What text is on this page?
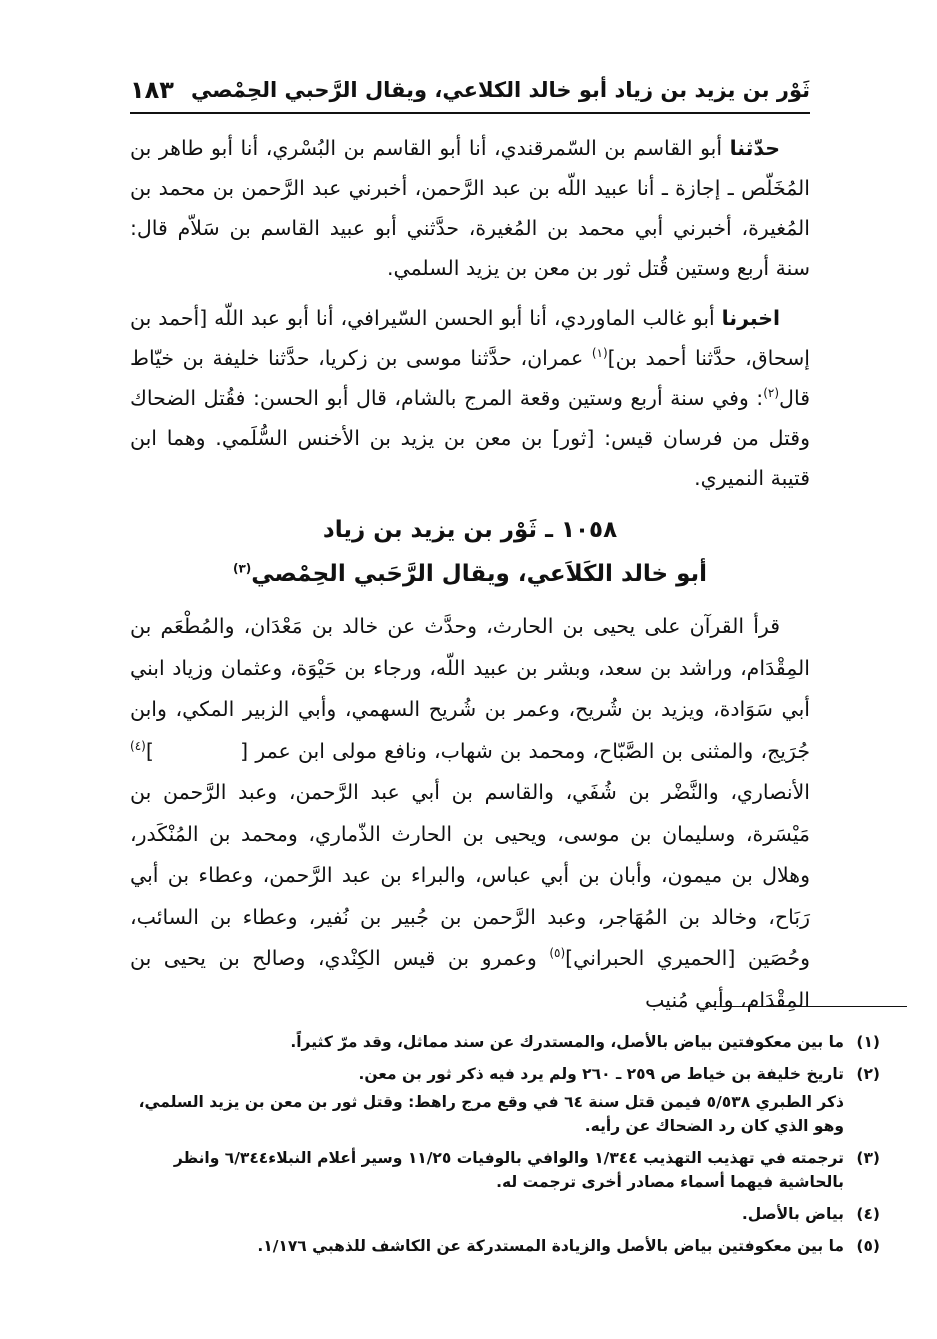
ثَوْر بن يزيد بن زياد أبو خالد الكلاعي، ويقال الرَّحبي الحِمْصي
١٨٣

حدّثنا أبو القاسم بن السّمرقندي، أنا أبو القاسم بن البُسْري، أنا أبو طاهر بن المُخَلّص ـ إجازة ـ أنا عبيد اللّه بن عبد الرَّحمن، أخبرني عبد الرَّحمن بن محمد بن المُغيرة، أخبرني أبي محمد بن المُغيرة، حدَّثني أبو عبيد القاسم بن سَلاّم قال: سنة أربع وستين قُتل ثور بن معن بن يزيد السلمي.

اخبرنا أبو غالب الماوردي، أنا أبو الحسن السّيرافي، أنا أبو عبد اللّه [أحمد بن إسحاق، حدَّثنا أحمد بن]$^{(١)}$ عمران، حدَّثنا موسى بن زكريا، حدَّثنا خليفة بن خيّاط قال$^{(٢)}$: وفي سنة أربع وستين وقعة المرج بالشام، قال أبو الحسن: فقُتل الضحاك وقتل من فرسان قيس: [ثور] بن معن بن يزيد بن الأخنس السُّلَمي. وهما ابن قتيبة النميري.

١٠٥٨ ـ ثَوْر بن يزيد بن زياد
أبو خالد الكَلاَعي، ويقال الرَّحَبي الحِمْصي$^{(٣)}$

قرأ القرآن على يحيى بن الحارث، وحدَّث عن خالد بن مَعْدَان، والمُطْعَم بن المِقْدَام، وراشد بن سعد، وبشر بن عبيد اللّه، ورجاء بن حَيْوَة، وعثمان وزياد ابني أبي سَوَادة، ويزيد بن شُريح، وعمر بن شُريح السهمي، وأبي الزبير المكي، وابن جُرَيج، والمثنى بن الصَّبّاح، ومحمد بن شهاب، ونافع مولى ابن عمر [            ]$^{(٤)}$ الأنصاري، والنَّضْر بن شُفَي، والقاسم بن أبي عبد الرَّحمن، وعبد الرَّحمن بن مَيْسَرة، وسليمان بن موسى، ويحيى بن الحارث الذّماري، ومحمد بن المُنْكَدر، وهلال بن ميمون، وأبان بن أبي عباس، والبراء بن عبد الرَّحمن، وعطاء بن أبي رَبَاح، وخالد بن المُهَاجر، وعبد الرَّحمن بن جُبير بن نُفير، وعطاء بن السائب، وحُصَين [الحميري الحبراني]$^{(٥)}$ وعمرو بن قيس الكِنْدي، وصالح بن يحيى بن المِقْدَام، وأبي مُنيب

(١)
ما بين معكوفتين بياض بالأصل، والمستدرك عن سند مماثل، وقد مرّ كثيراً.
(٢)
تاريخ خليفة بن خياط ص ٢٥٩ ـ ٢٦٠ ولم يرد فيه ذكر ثور بن معن.
ذكر الطبري ٥/٥٣٨ فيمن قتل سنة ٦٤ في وقع مرج راهط: وقتل ثور بن معن بن يزيد السلمي، وهو الذي كان رد الضحاك عن رأيه.
(٣)
ترجمته في تهذيب التهذيب ١/٣٤٤ والوافي بالوفيات ١١/٢٥ وسير أعلام النبلاء٦/٣٤٤ وانظر بالحاشية فيهما أسماء مصادر أخرى ترجمت له.
(٤)
بياض بالأصل.
(٥)
ما بين معكوفتين بياض بالأصل والزيادة المستدركة عن الكاشف للذهبي ١/١٧٦.
